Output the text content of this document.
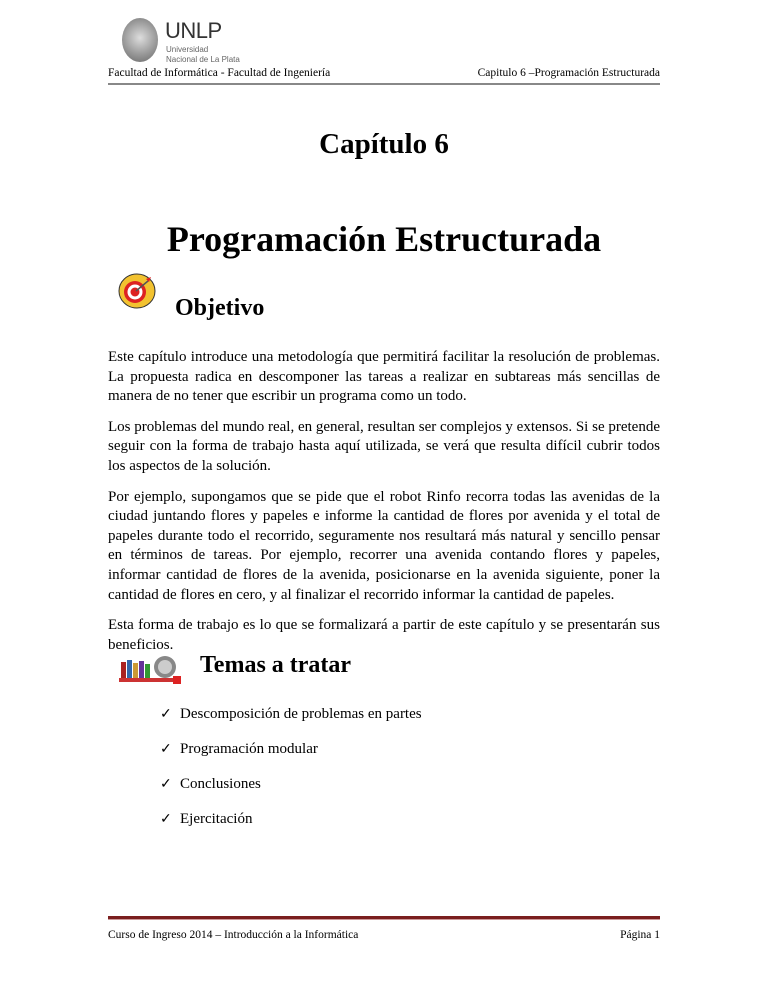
UNLP
Universidad
Nacional de La Plata
Facultad de Informática - Facultad de Ingeniería	Capitulo 6 –Programación Estructurada
Capítulo 6
Programación Estructurada
Objetivo

Este capítulo introduce una metodología que permitirá facilitar la resolución de problemas. La propuesta radica en descomponer las tareas a realizar en subtareas más sencillas de manera de no tener que escribir un programa como un todo.

Los problemas del mundo real, en general, resultan ser complejos y extensos. Si se pretende seguir con la forma de trabajo hasta aquí utilizada, se verá que resulta difícil cubrir todos los aspectos de la solución.

Por ejemplo, supongamos que se pide que el robot Rinfo recorra todas las avenidas de la ciudad juntando flores y papeles e informe la cantidad de flores por avenida y el total de papeles durante todo el recorrido, seguramente nos resultará más natural y sencillo pensar en términos de tareas. Por ejemplo, recorrer una avenida contando flores y papeles, informar cantidad de flores de la avenida, posicionarse en la avenida siguiente, poner la cantidad de flores en cero, y al finalizar el recorrido informar la cantidad de papeles.

Esta forma de trabajo es lo que se formalizará a partir de este capítulo y se presentarán sus beneficios.

Temas a tratar
✓ Descomposición de problemas en partes
✓ Programación modular
✓ Conclusiones
✓ Ejercitación
Curso de Ingreso 2014 – Introducción a la Informática	Página 1
